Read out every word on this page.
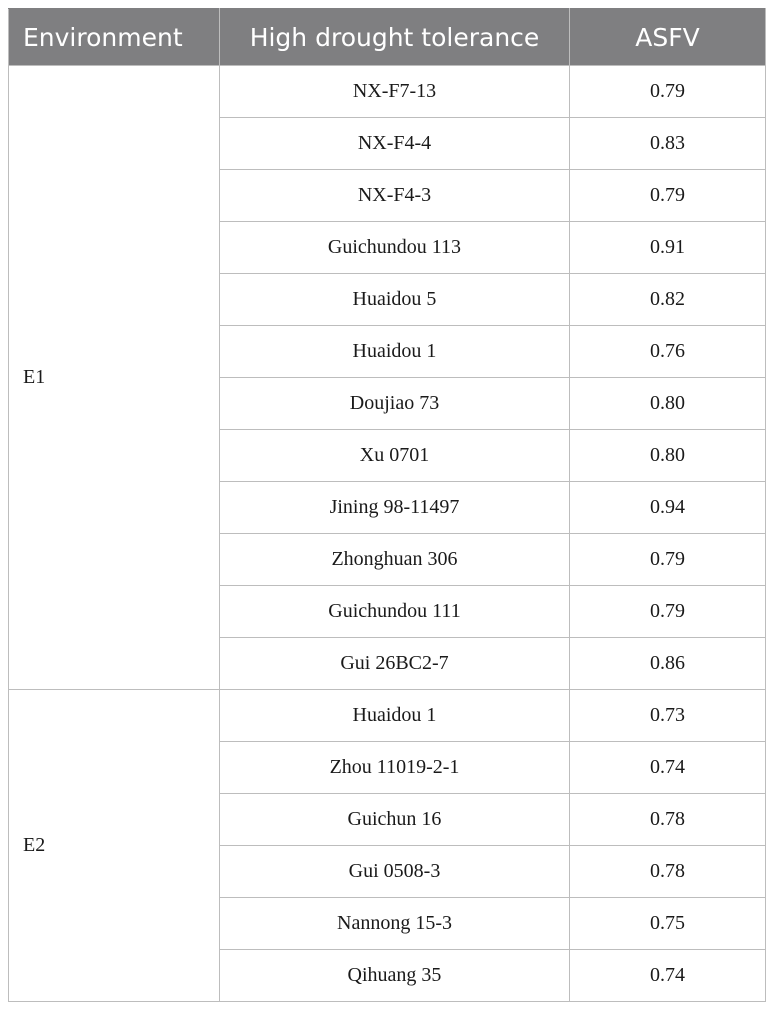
Environment	High drought tolerance	ASFV
E1	NX-F7-13	0.79
	NX-F4-4	0.83
	NX-F4-3	0.79
	Guichundou 113	0.91
	Huaidou 5	0.82
	Huaidou 1	0.76
	Doujiao 73	0.80
	Xu 0701	0.80
	Jining 98-11497	0.94
	Zhonghuan 306	0.79
	Guichundou 111	0.79
	Gui 26BC2-7	0.86
E2	Huaidou 1	0.73
	Zhou 11019-2-1	0.74
	Guichun 16	0.78
	Gui 0508-3	0.78
	Nannong 15-3	0.75
	Qihuang 35	0.74
